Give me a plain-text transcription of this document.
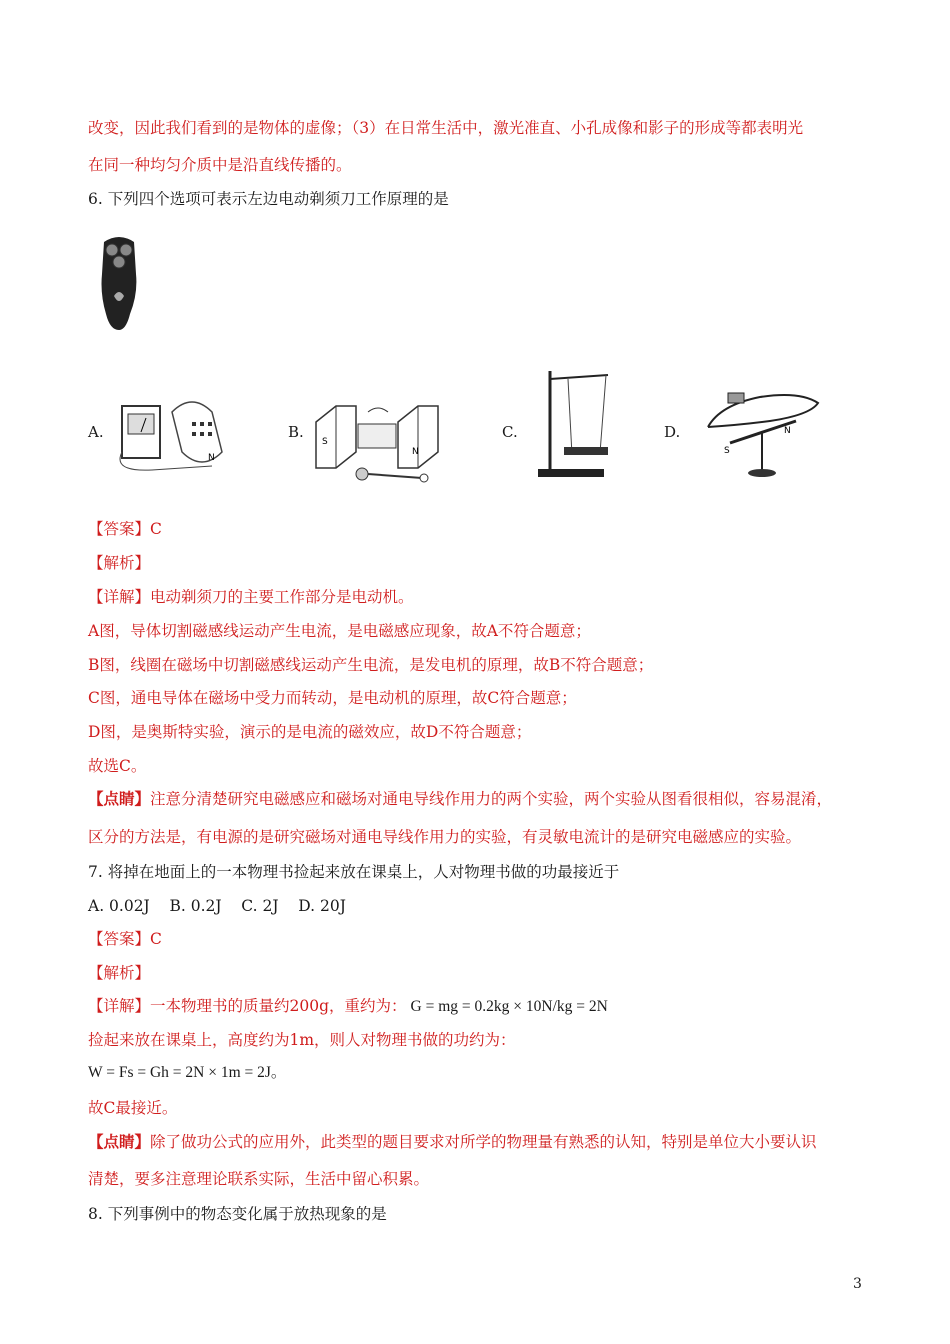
改变，因此我们看到的是物体的虚像；（3）在日常生活中，激光准直、小孔成像和影子的形成等都表明光
在同一种均匀介质中是沿直线传播的。
6. 下列四个选项可表示左边电动剃须刀工作原理的是
A.
N
B.
S
N
C.	D.
S
N
【答案】C
【解析】
【详解】电动剃须刀的主要工作部分是电动机。
A图，导体切割磁感线运动产生电流，是电磁感应现象，故A不符合题意；
B图，线圈在磁场中切割磁感线运动产生电流，是发电机的原理，故B不符合题意；
C图，通电导体在磁场中受力而转动，是电动机的原理，故C符合题意；
D图，是奥斯特实验，演示的是电流的磁效应，故D不符合题意；
故选C。
【点睛】注意分清楚研究电磁感应和磁场对通电导线作用力的两个实验，两个实验从图看很相似，容易混淆，
区分的方法是，有电源的是研究磁场对通电导线作用力的实验，有灵敏电流计的是研究电磁感应的实验。
7. 将掉在地面上的一本物理书捡起来放在课桌上，人对物理书做的功最接近于
A. 0.02J    B. 0.2J    C. 2J    D. 20J
【答案】C
【解析】
【详解】一本物理书的质量约200g，重约为： G = mg = 0.2kg × 10N/kg = 2N
捡起来放在课桌上，高度约为1m，则人对物理书做的功约为：
W = Fs = Gh = 2N × 1m = 2J。
故C最接近。
【点睛】除了做功公式的应用外，此类型的题目要求对所学的物理量有熟悉的认知，特别是单位大小要认识
清楚，要多注意理论联系实际，生活中留心积累。
8. 下列事例中的物态变化属于放热现象的是
3
